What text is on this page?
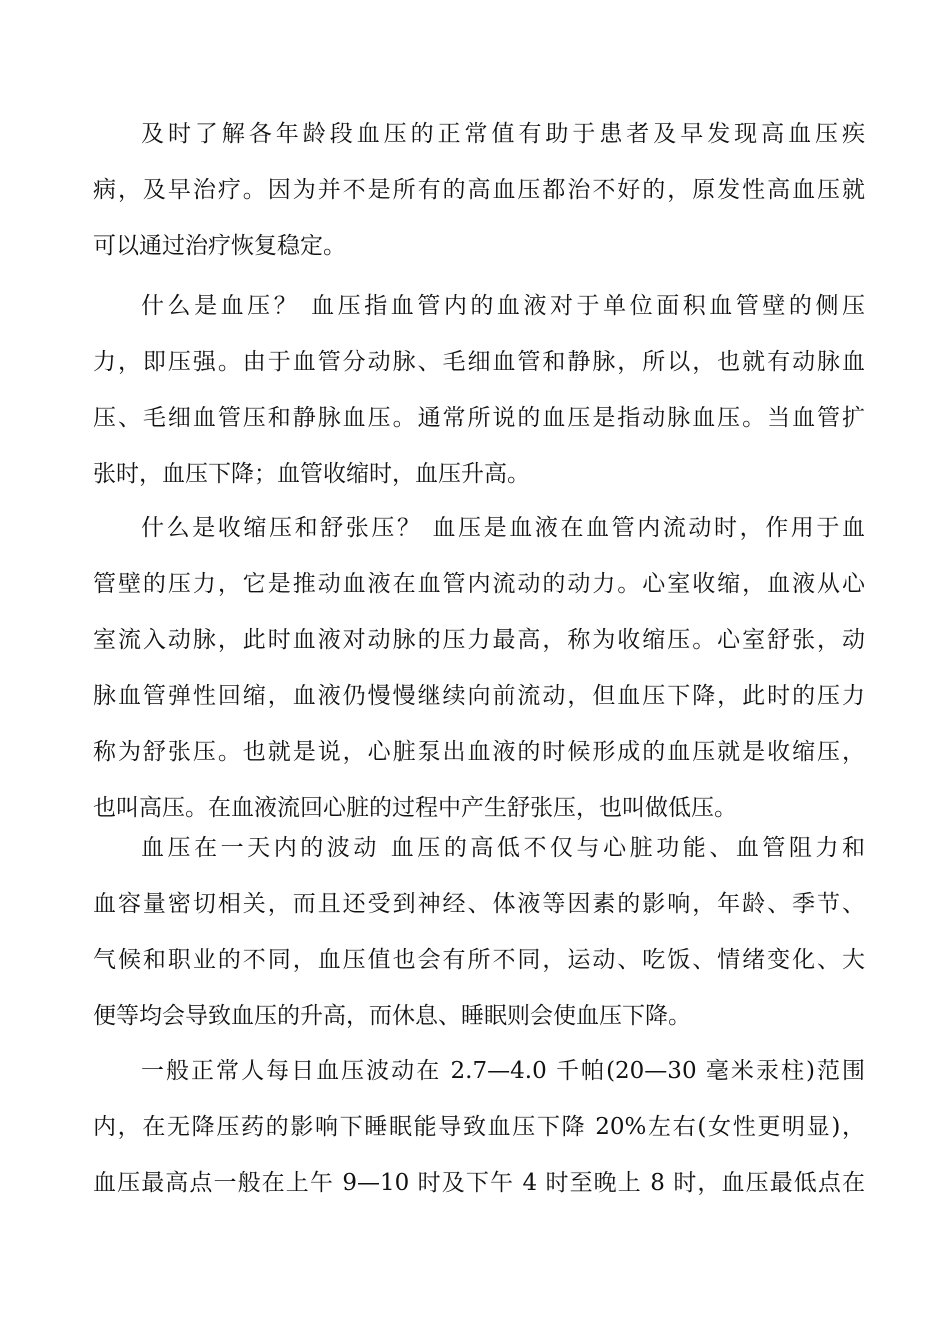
及时了解各年龄段血压的正常值有助于患者及早发现高血压疾
病，及早治疗。因为并不是所有的高血压都治不好的，原发性高血压就
可以通过治疗恢复稳定。
什么是血压？ 血压指血管内的血液对于单位面积血管壁的侧压
力，即压强。由于血管分动脉、毛细血管和静脉，所以，也就有动脉血
压、毛细血管压和静脉血压。通常所说的血压是指动脉血压。当血管扩
张时，血压下降；血管收缩时，血压升高。
什么是收缩压和舒张压？ 血压是血液在血管内流动时，作用于血
管壁的压力，它是推动血液在血管内流动的动力。心室收缩，血液从心
室流入动脉，此时血液对动脉的压力最高，称为收缩压。心室舒张，动
脉血管弹性回缩，血液仍慢慢继续向前流动，但血压下降，此时的压力
称为舒张压。也就是说，心脏泵出血液的时候形成的血压就是收缩压，
也叫高压。在血液流回心脏的过程中产生舒张压，也叫做低压。
血压在一天内的波动 血压的高低不仅与心脏功能、血管阻力和
血容量密切相关，而且还受到神经、体液等因素的影响，年龄、季节、
气候和职业的不同，血压值也会有所不同，运动、吃饭、情绪变化、大
便等均会导致血压的升高，而休息、睡眠则会使血压下降。
一般正常人每日血压波动在 2.7—4.0 千帕(20—30 毫米汞柱)范围
内，在无降压药的影响下睡眠能导致血压下降 20%左右(女性更明显)，
血压最高点一般在上午 9—10 时及下午 4 时至晚上 8 时，血压最低点在
